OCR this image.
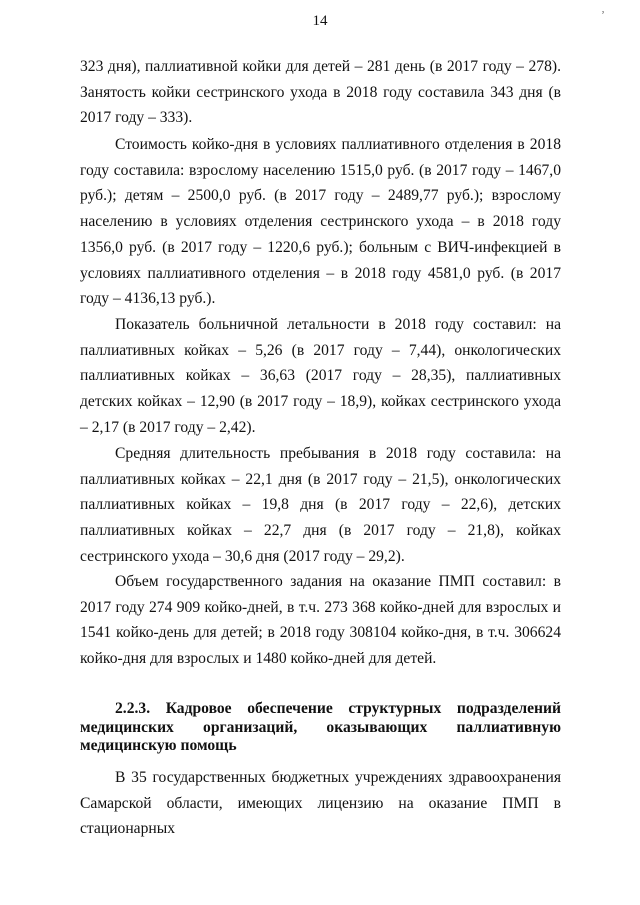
14	ʼ

323 дня), паллиативной койки для детей – 281 день (в 2017 году – 278). Занятость койки сестринского ухода в 2018 году составила 343 дня (в 2017 году – 333).

Стоимость койко-дня в условиях паллиативного отделения в 2018 году составила: взрослому населению 1515,0 руб. (в 2017 году – 1467,0 руб.); детям – 2500,0 руб. (в 2017 году – 2489,77 руб.); взрослому населению в условиях отделения сестринского ухода – в 2018 году 1356,0 руб. (в 2017 году – 1220,6 руб.); больным с ВИЧ-инфекцией в условиях паллиативного отделения – в 2018 году 4581,0 руб. (в 2017 году – 4136,13 руб.).

Показатель больничной летальности в 2018 году составил: на паллиативных койках – 5,26 (в 2017 году – 7,44), онкологических паллиативных койках – 36,63 (2017 году – 28,35), паллиативных детских койках – 12,90 (в 2017 году – 18,9), койках сестринского ухода – 2,17 (в 2017 году – 2,42).

Средняя длительность пребывания в 2018 году составила: на паллиативных койках – 22,1 дня (в 2017 году – 21,5), онкологических паллиативных койках – 19,8 дня (в 2017 году – 22,6), детских паллиативных койках – 22,7 дня (в 2017 году – 21,8), койках сестринского ухода – 30,6 дня (2017 году – 29,2).

Объем государственного задания на оказание ПМП составил: в 2017 году 274 909 койко-дней, в т.ч. 273 368 койко-дней для взрослых и 1541 койко-день для детей; в 2018 году 308104 койко-дня, в т.ч. 306624 койко-дня для взрослых и 1480 койко-дней для детей.

2.2.3. Кадровое обеспечение структурных подразделений медицинских организаций, оказывающих паллиативную медицинскую помощь

В 35 государственных бюджетных учреждениях здравоохранения Самарской области, имеющих лицензию на оказание ПМП в стационарных
